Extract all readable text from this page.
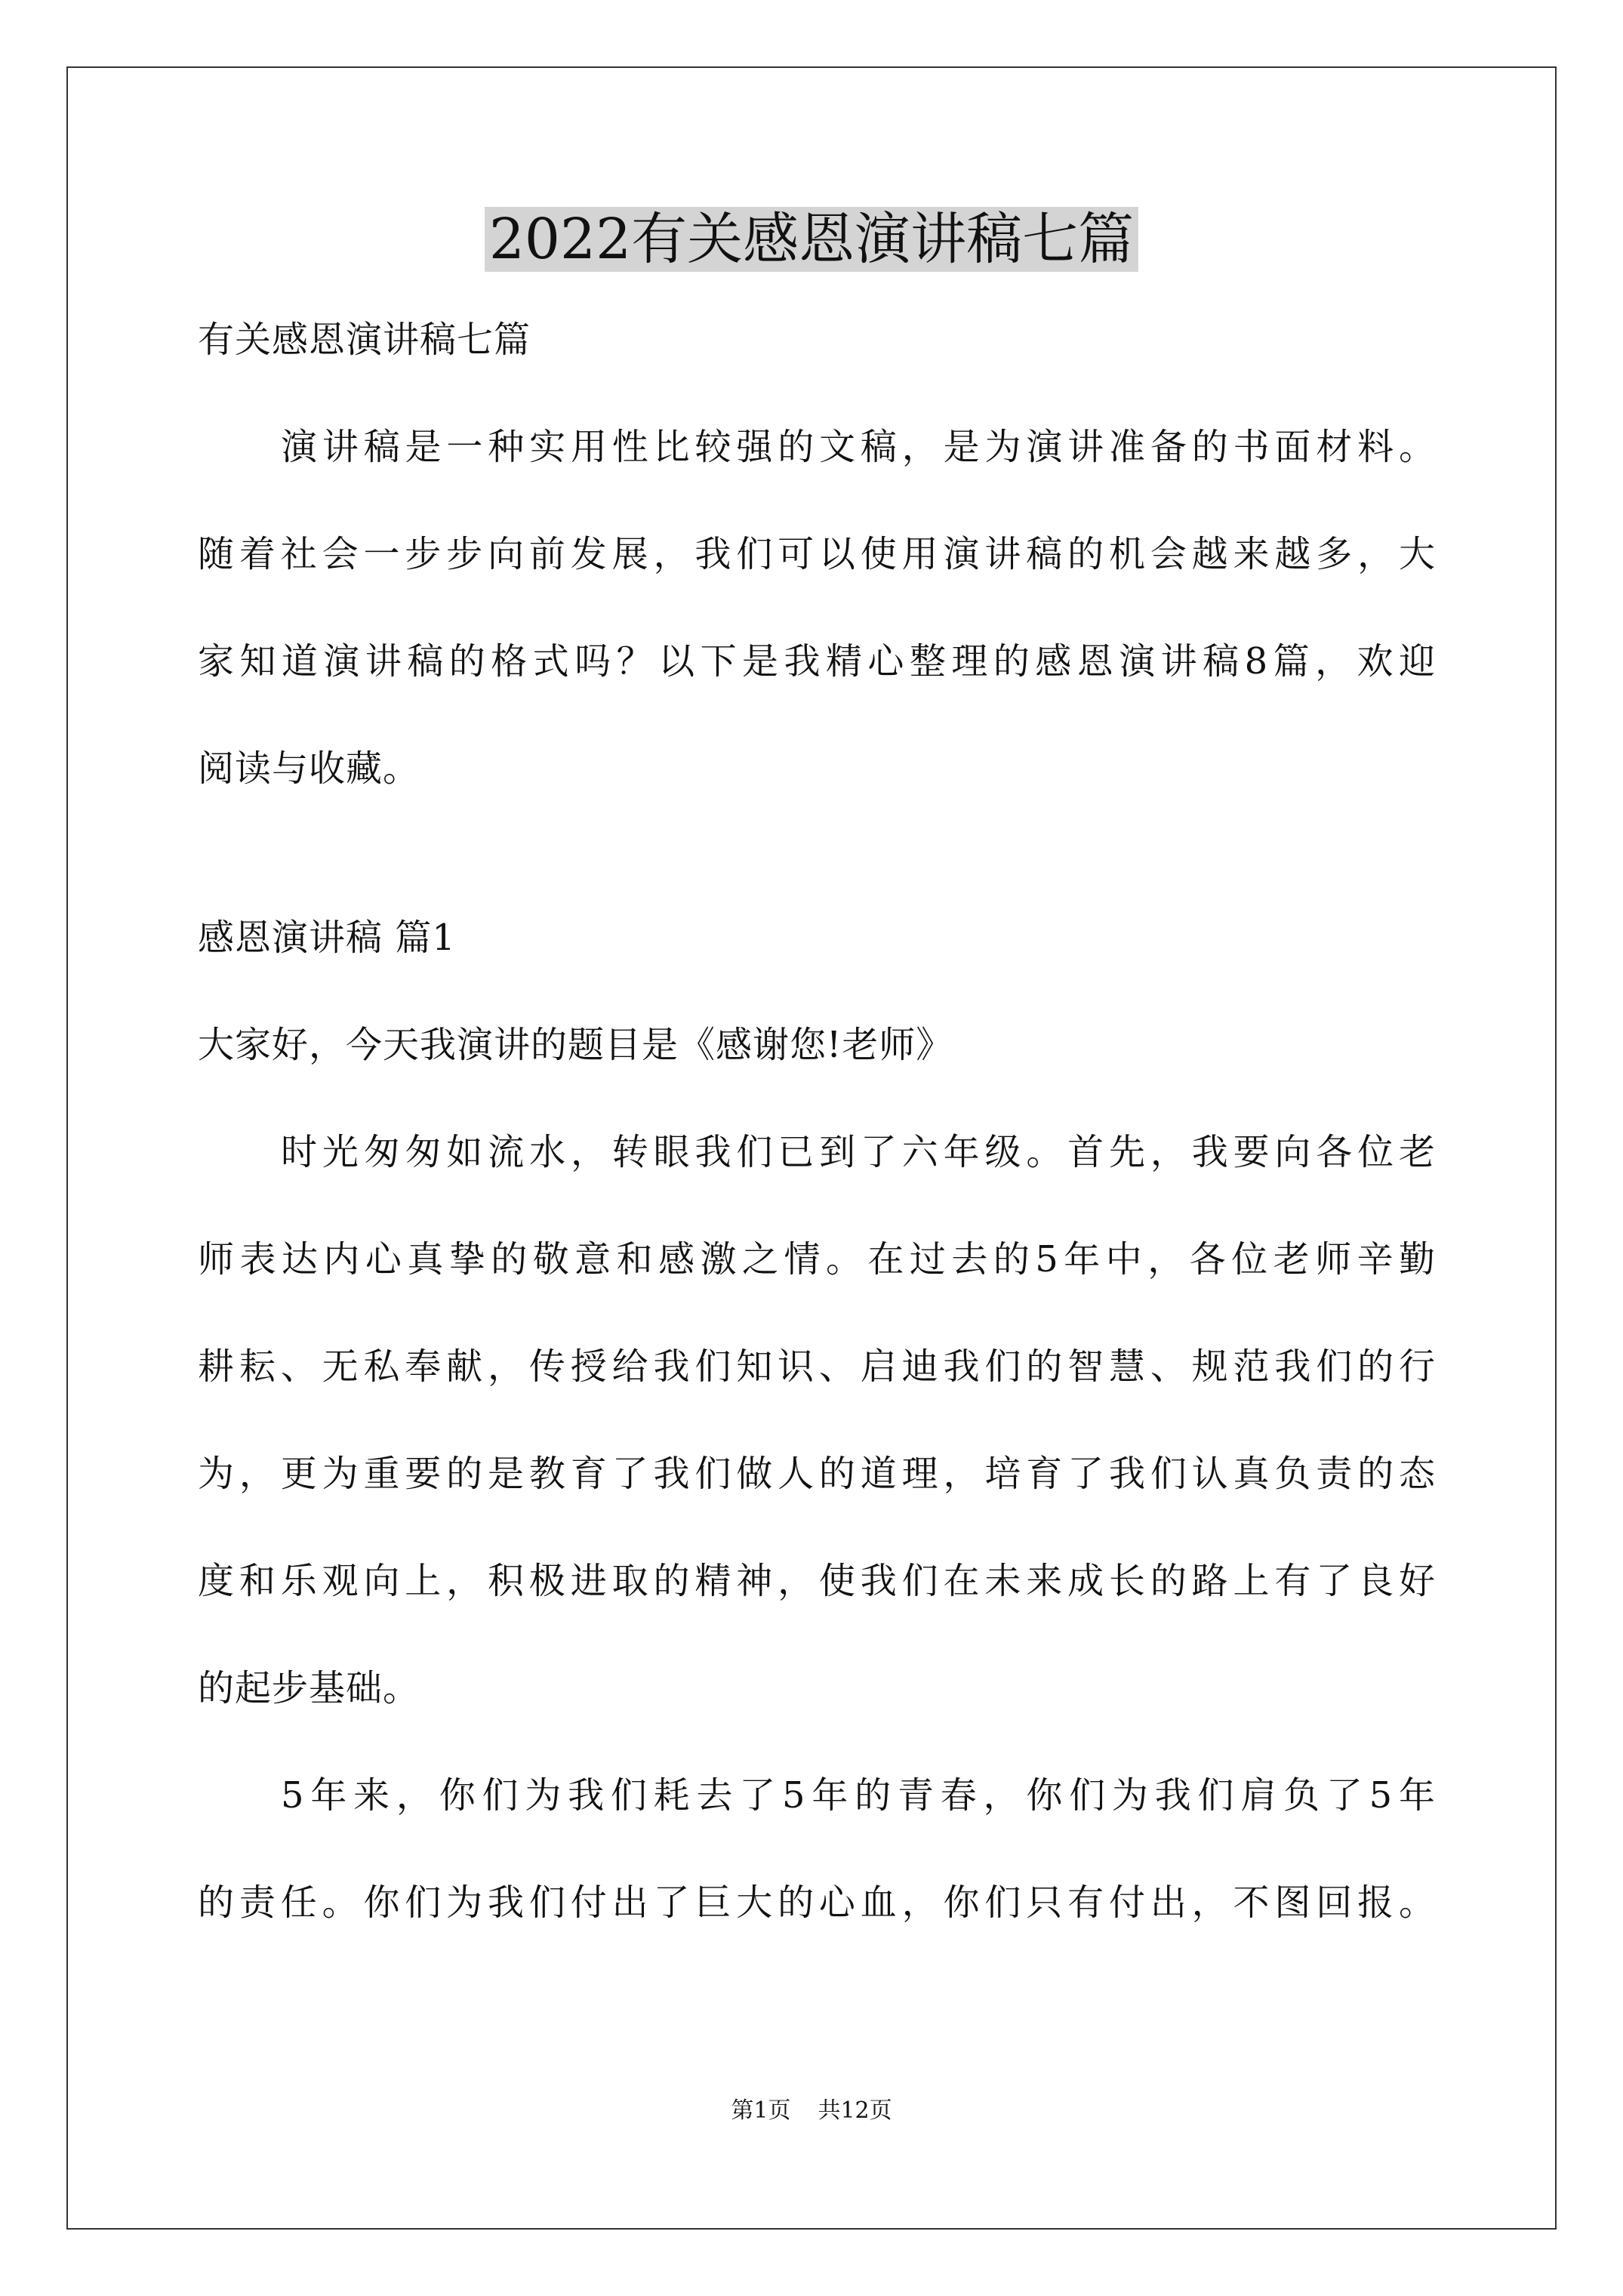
2022有关感恩演讲稿七篇
有关感恩演讲稿七篇
演讲稿是一种实用性比较强的文稿，是为演讲准备的书面材料。
随着社会一步步向前发展，我们可以使用演讲稿的机会越来越多，大
家知道演讲稿的格式吗？以下是我精心整理的感恩演讲稿8篇，欢迎
阅读与收藏。
感恩演讲稿 篇1
大家好，今天我演讲的题目是《感谢您!老师》
时光匆匆如流水，转眼我们已到了六年级。首先，我要向各位老
师表达内心真挚的敬意和感激之情。在过去的5年中，各位老师辛勤
耕耘、无私奉献，传授给我们知识、启迪我们的智慧、规范我们的行
为，更为重要的是教育了我们做人的道理，培育了我们认真负责的态
度和乐观向上，积极进取的精神，使我们在未来成长的路上有了良好
的起步基础。
5年来，你们为我们耗去了5年的青春，你们为我们肩负了5年
的责任。你们为我们付出了巨大的心血，你们只有付出，不图回报。
第1页 共12页
